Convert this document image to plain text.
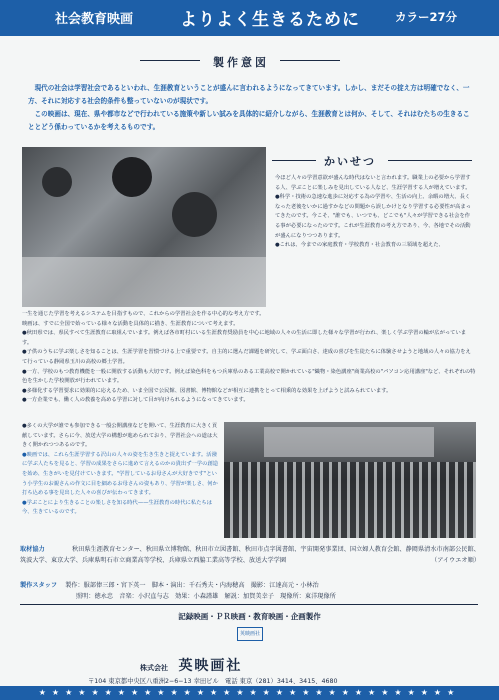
社会教育映画	よりよく生きるために	カラー27分
製作意図

現代の社会は学習社会であるといわれ、生涯教育ということが盛んに言われるようになってきています。しかし、まだその掟え方は明確でなく、一方、それに対応する社会的条件も整っていないのが現状です。

この映画は、現在、県や都市などで行われている施策や新しい試みを具体的に紹介しながら、生涯教育とは何か、そして、それはむたちの生きることとどう係わっているかを考えるものです。

かいせつ

今ほど人々の学習意欲が盛んな時代はないと言われます。職業上の必要から学習する人、学ぶことに楽しみを見出している人など、生涯学習する人が増えています。

●科学・技術の急速な進歩に対応する為の学習や、生活の向上、余暇の増大、長くなった老後をいかに過すかなどの問題から誤しかけとなり学習する必要性が高まってきたのです。今こそ、"誰でも、いつでも、どこでも"人々が学習できる社会を作る事が必要になったのです。これが生涯教育の考え方であり、今、各地でその活動が盛んになりつつあります。

●これは、今までの家庭教育・学校教育・社会教育の三領域を超えた、

一生を通じた学習を考えるシステムを目指すもので、これからの学習社会を作る中心的な考え方です。

映画は、すでに全国で始っている様々な活動を具体的に描き、生涯教育について考えます。

●秋田県では、県民すべて生涯教育に取組んでいます。例えば各市町村にいる生涯教育奨励員を中心に地域の人々の生活に即した様々な学習が行われ、楽しく学ぶ学習の輪が広がっています。

●子供のうちに学ぶ楽しさを知ることは、生涯学習を習慣づける上で重要です。自主的に選んだ課題を研究して、学ぶ面白さ、達成の喜びを生徒たちに体験させようと地域の人々の協力をえて行っている静岡県玉川の高校の郷土学習。

●一方、学校のもつ教育機能を一般に開放する活動も大切です。例えば染色科をもつ兵庫県のある工業高校で開かれている"織物・染色講座"商業高校の"パソコン応用講座"など、それぞれの特色を生かした学校開放が行われています。

●多様化する学習要求に効果的に応えるため、いま全国で公民館、図書館、博物館などが相互に連携をとって相乗的な効果を上げようと試みられています。

●一方企業でも、働く人の教養を高める学習に対して目が向けられるようになってきています。

●多くの大学が誰でも参加できる一般公開講座などを開いて、生涯教育に大きく貢献しています。さらに今、放送大学の構想が進められており、学習社会への道は大きく開かれつつあるのです。

●映画では、これら生涯学習する沢山の人々の姿を生き生きと捉えています。活潑に学ぶ人たちを見ると、学習の成果をさらに進めて言えるのかの貴出ず一学の創造を始め、生きがいを見付けていきます。"学習しているお母さんが大好きです"という小学生のお親さんの作文に目を細めるお母さんの姿もあり、学習が楽しさ、何か打ち込める事を見出した人々の喜びが伝わってきます。

●学ぶことにより生きることの楽しさを知る時代——生涯教育の時代に私たちは今、生きているのです。

取材協力	秋田県生涯教育センター、秋田県立博物館、秋田市立図書館、秋田市点字図書館、宇宙開発事業団、国立婦人教育会館、静岡県清水市南部公民館、筑波大学、東京大学、兵庫県明石市立商業高等学校、兵庫県立西脇工業高等学校、放送大学学園	（アイウエオ順）
製作スタッフ 製作：服部俸三郎・宮下英一　脚本・演出：千石秀夫・内海穂高　撮影：江達高元・小林治
照明：徳永忠　音楽：小沢直与志　効果：小森謹雄　解説：加賀美幸子　現像所：東洋現像所
記録映画・ＰＲ映画・教育映画・企画製作
英映画社
株式会社 英映画社
〒104 東京都中央区八重洲2−6−13 幸田ビル　電話 東京（281）3414、3415、4680
★★★★★★★★★★★★★★★★★★★★★★★★★★★★★★★★
